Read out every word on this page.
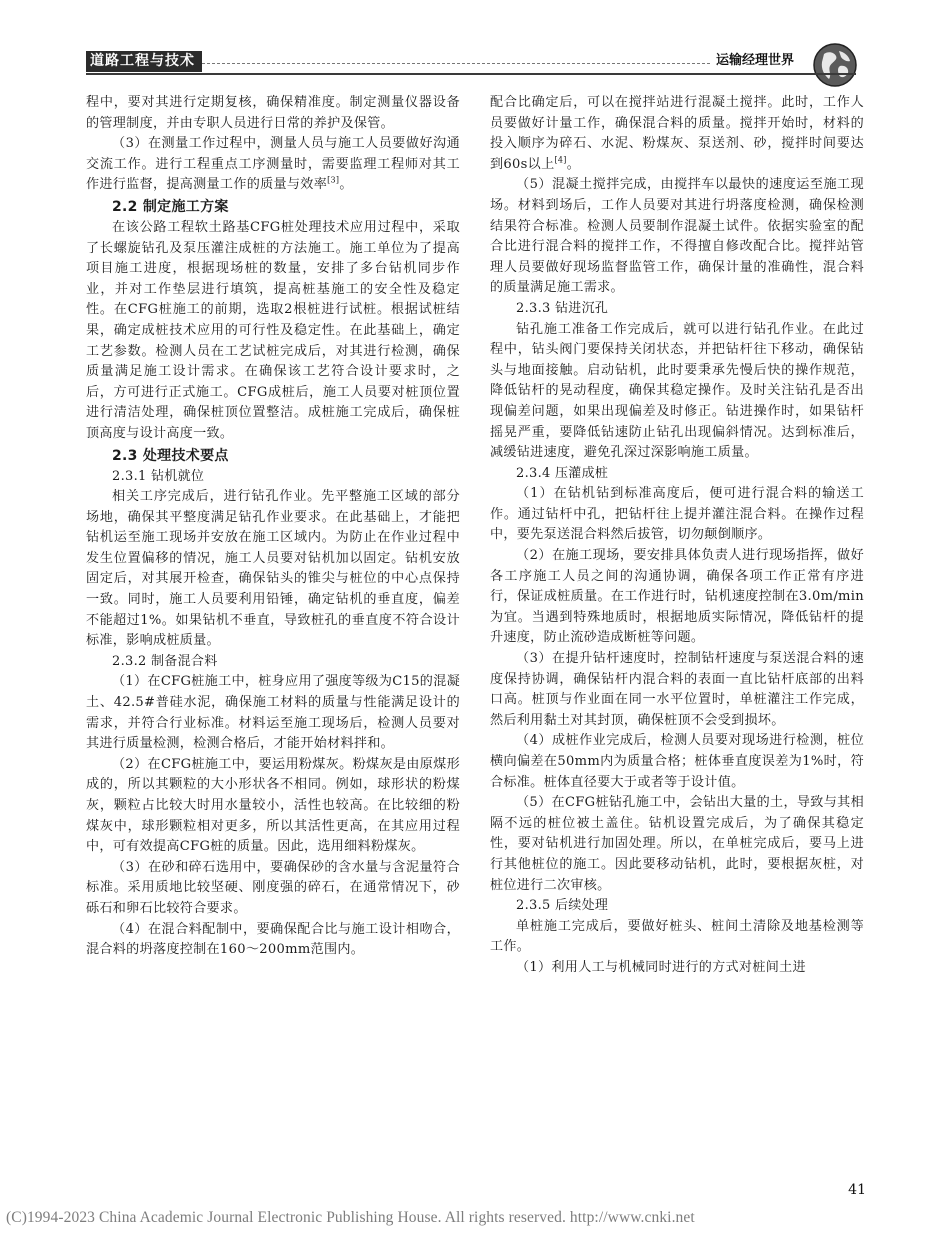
道路工程与技术	运输经理世界

程中，要对其进行定期复核，确保精准度。制定测量仪器设备的管理制度，并由专职人员进行日常的养护及保管。

（3）在测量工作过程中，测量人员与施工人员要做好沟通交流工作。进行工程重点工序测量时，需要监理工程师对其工作进行监督，提高测量工作的质量与效率[3]。

2.2 制定施工方案

在该公路工程软土路基CFG桩处理技术应用过程中，采取了长螺旋钻孔及泵压灌注成桩的方法施工。施工单位为了提高项目施工进度，根据现场桩的数量，安排了多台钻机同步作业，并对工作垫层进行填筑，提高桩基施工的安全性及稳定性。在CFG桩施工的前期，选取2根桩进行试桩。根据试桩结果，确定成桩技术应用的可行性及稳定性。在此基础上，确定工艺参数。检测人员在工艺试桩完成后，对其进行检测，确保质量满足施工设计需求。在确保该工艺符合设计要求时，之后，方可进行正式施工。CFG成桩后，施工人员要对桩顶位置进行清洁处理，确保桩顶位置整洁。成桩施工完成后，确保桩顶高度与设计高度一致。

2.3 处理技术要点
2.3.1 钻机就位

相关工序完成后，进行钻孔作业。先平整施工区域的部分场地，确保其平整度满足钻孔作业要求。在此基础上，才能把钻机运至施工现场并安放在施工区域内。为防止在作业过程中发生位置偏移的情况，施工人员要对钻机加以固定。钻机安放固定后，对其展开检查，确保钻头的锥尖与桩位的中心点保持一致。同时，施工人员要利用铅锤，确定钻机的垂直度，偏差不能超过1%。如果钻机不垂直，导致桩孔的垂直度不符合设计标准，影响成桩质量。

2.3.2 制备混合料

（1）在CFG桩施工中，桩身应用了强度等级为C15的混凝土、42.5#普硅水泥，确保施工材料的质量与性能满足设计的需求，并符合行业标准。材料运至施工现场后，检测人员要对其进行质量检测，检测合格后，才能开始材料拌和。

（2）在CFG桩施工中，要运用粉煤灰。粉煤灰是由原煤形成的，所以其颗粒的大小形状各不相同。例如，球形状的粉煤灰，颗粒占比较大时用水量较小，活性也较高。在比较细的粉煤灰中，球形颗粒相对更多，所以其活性更高，在其应用过程中，可有效提高CFG桩的质量。因此，选用细料粉煤灰。

（3）在砂和碎石选用中，要确保砂的含水量与含泥量符合标准。采用质地比较坚硬、刚度强的碎石，在通常情况下，砂砾石和卵石比较符合要求。

（4）在混合料配制中，要确保配合比与施工设计相吻合，混合料的坍落度控制在160～200mm范围内。

配合比确定后，可以在搅拌站进行混凝土搅拌。此时，工作人员要做好计量工作，确保混合料的质量。搅拌开始时，材料的投入顺序为碎石、水泥、粉煤灰、泵送剂、砂，搅拌时间要达到60s以上[4]。

（5）混凝土搅拌完成，由搅拌车以最快的速度运至施工现场。材料到场后，工作人员要对其进行坍落度检测，确保检测结果符合标准。检测人员要制作混凝土试件。依据实验室的配合比进行混合料的搅拌工作，不得擅自修改配合比。搅拌站管理人员要做好现场监督监管工作，确保计量的准确性，混合料的质量满足施工需求。

2.3.3 钻进沉孔

钻孔施工准备工作完成后，就可以进行钻孔作业。在此过程中，钻头阀门要保持关闭状态，并把钻杆往下移动，确保钻头与地面接触。启动钻机，此时要秉承先慢后快的操作规范，降低钻杆的晃动程度，确保其稳定操作。及时关注钻孔是否出现偏差问题，如果出现偏差及时修正。钻进操作时，如果钻杆摇晃严重，要降低钻速防止钻孔出现偏斜情况。达到标准后，减缓钻进速度，避免孔深过深影响施工质量。

2.3.4 压灌成桩

（1）在钻机钻到标准高度后，便可进行混合料的输送工作。通过钻杆中孔，把钻杆往上提并灌注混合料。在操作过程中，要先泵送混合料然后拔管，切勿颠倒顺序。

（2）在施工现场，要安排具体负责人进行现场指挥，做好各工序施工人员之间的沟通协调，确保各项工作正常有序进行，保证成桩质量。在工作进行时，钻机速度控制在3.0m/min为宜。当遇到特殊地质时，根据地质实际情况，降低钻杆的提升速度，防止流砂造成断桩等问题。

（3）在提升钻杆速度时，控制钻杆速度与泵送混合料的速度保持协调，确保钻杆内混合料的表面一直比钻杆底部的出料口高。桩顶与作业面在同一水平位置时，单桩灌注工作完成，然后利用黏土对其封顶，确保桩顶不会受到损坏。

（4）成桩作业完成后，检测人员要对现场进行检测，桩位横向偏差在50mm内为质量合格；桩体垂直度误差为1%时，符合标准。桩体直径要大于或者等于设计值。

（5）在CFG桩钻孔施工中，会钻出大量的土，导致与其相隔不远的桩位被土盖住。钻机设置完成后，为了确保其稳定性，要对钻机进行加固处理。所以，在单桩完成后，要马上进行其他桩位的施工。因此要移动钻机，此时，要根据灰桩，对桩位进行二次审核。

2.3.5 后续处理

单桩施工完成后，要做好桩头、桩间土清除及地基检测等工作。

（1）利用人工与机械同时进行的方式对桩间土进

41
(C)1994-2023 China Academic Journal Electronic Publishing House. All rights reserved. http://www.cnki.net
